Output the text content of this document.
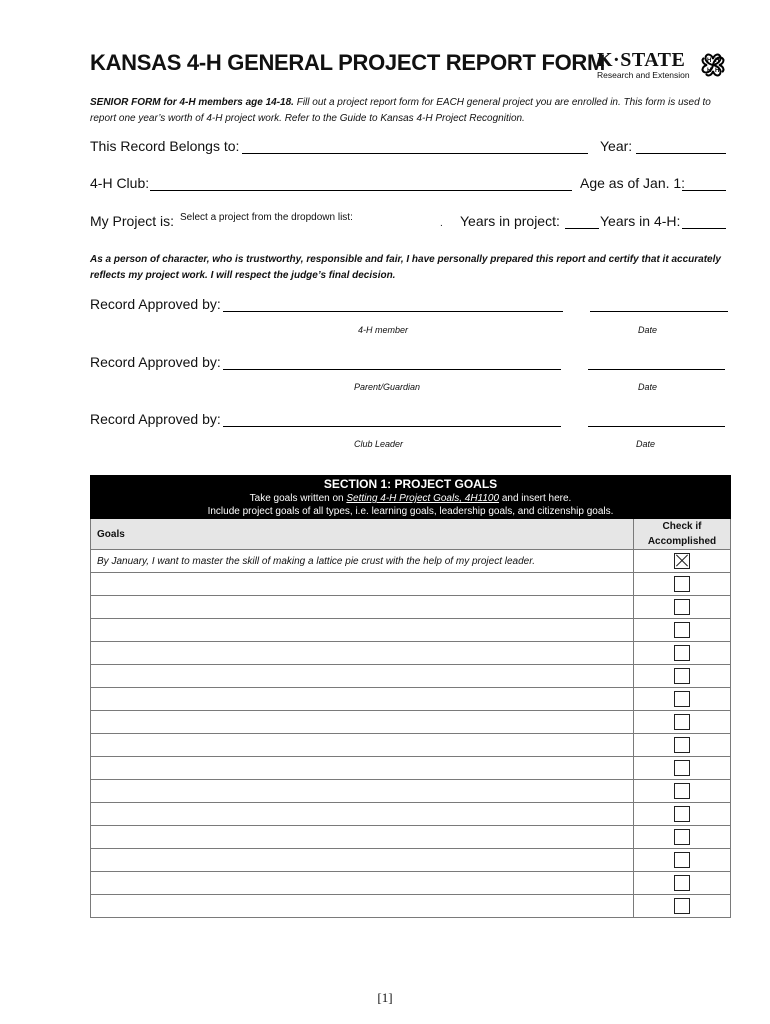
KANSAS 4-H GENERAL PROJECT REPORT FORM
K·STATE
Research and Extension
H H
H H
SENIOR FORM for 4-H members age 14-18. Fill out a project report form for EACH general project you are enrolled in. This form is used to report one year’s worth of 4-H project work. Refer to the Guide to Kansas 4-H Project Recognition.
This Record Belongs to:	Year:
4-H Club:	Age as of Jan. 1:
My Project is: Select a project from the dropdown list:
. Years in project:	Years in 4-H:
As a person of character, who is trustworthy, responsible and fair, I have personally prepared this report and certify that it accurately reflects my project work. I will respect the judge’s final decision.
Record Approved by:
4-H member	Date
Record Approved by:
Parent/Guardian	Date
Record Approved by:
Club Leader	Date
SECTION 1: PROJECT GOALS
Take goals written on Setting 4-H Project Goals, 4H1100 and insert here.
Include project goals of all types, i.e. learning goals, leadership goals, and citizenship goals.	

Goals	Check if Accomplished
By January, I want to master the skill of making a lattice pie crust with the help of my project leader.	

[1]
